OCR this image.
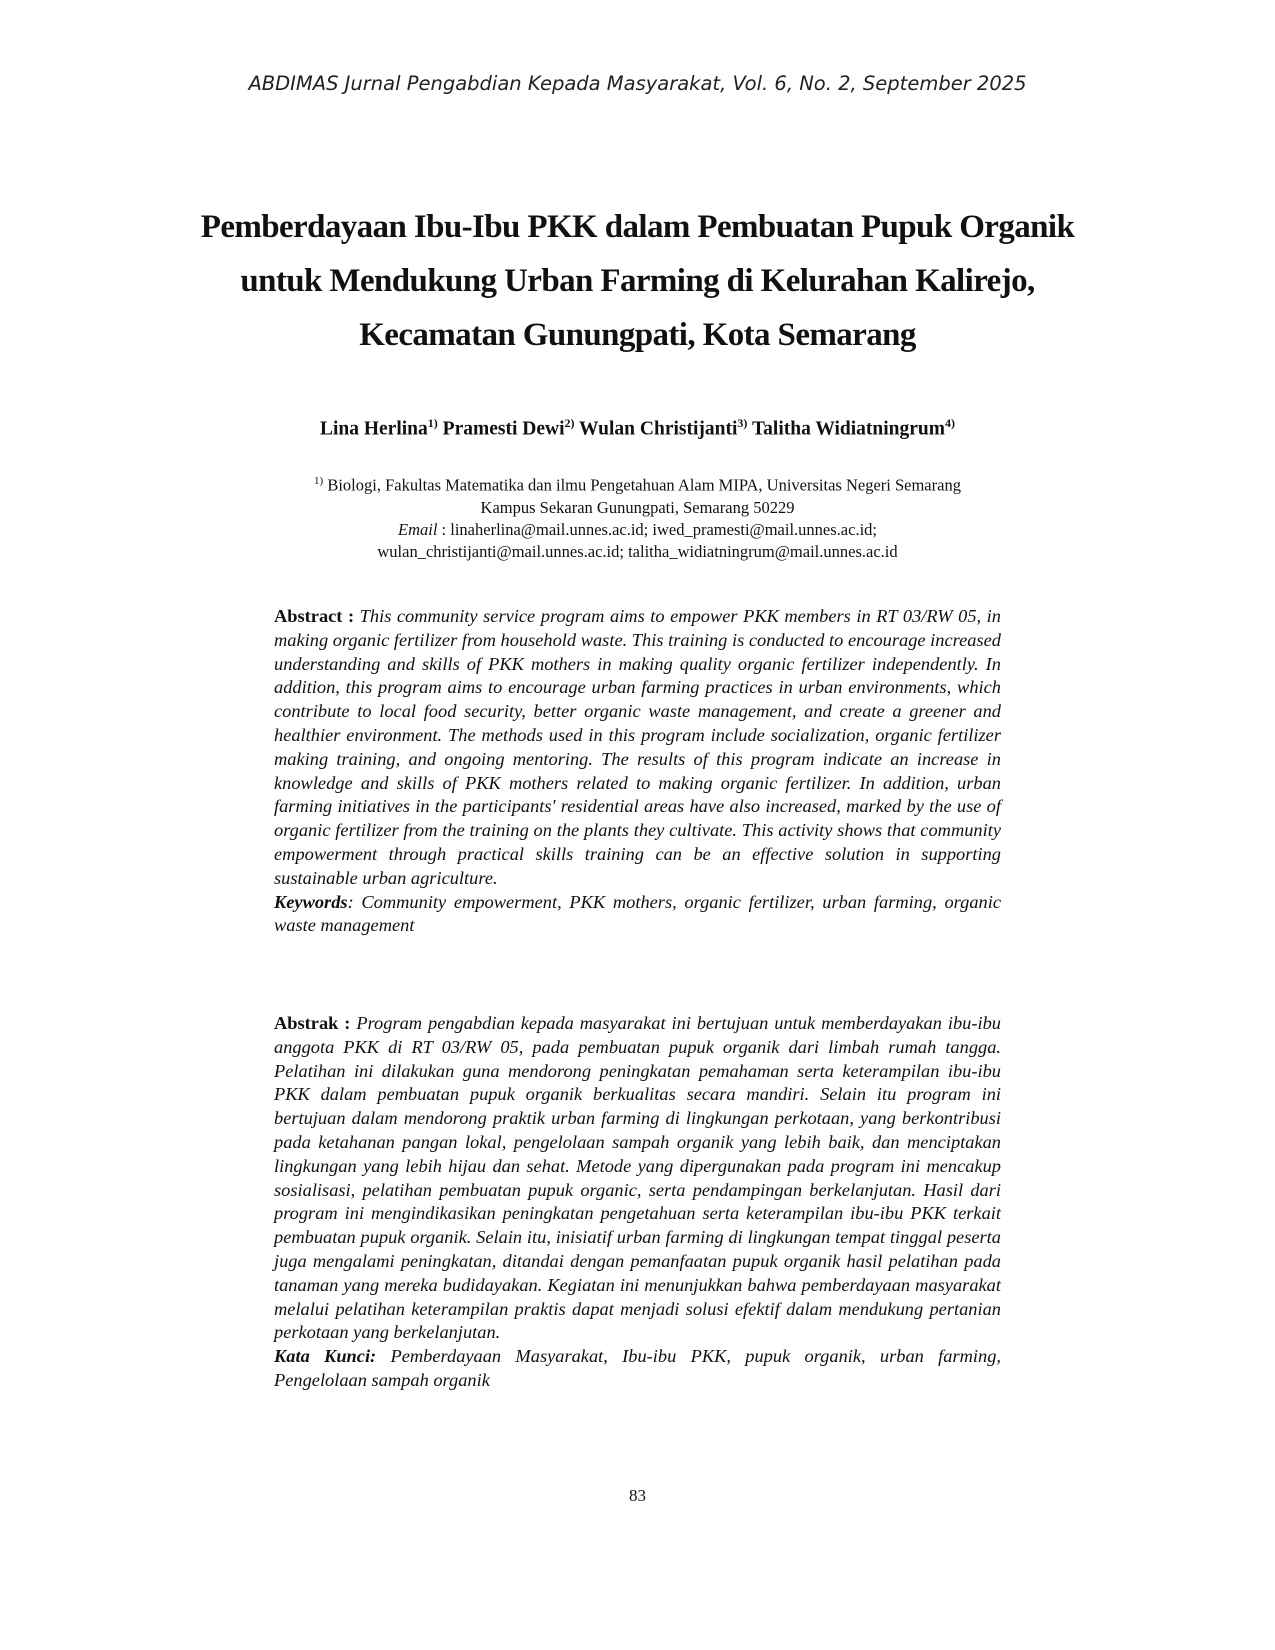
ABDIMAS Jurnal Pengabdian Kepada Masyarakat, Vol. 6, No. 2, September 2025
Pemberdayaan Ibu-Ibu PKK dalam Pembuatan Pupuk Organik
untuk Mendukung Urban Farming di Kelurahan Kalirejo,
Kecamatan Gunungpati, Kota Semarang
Lina Herlina$^{1)}$ Pramesti Dewi$^{2)}$ Wulan Christijanti$^{3)}$ Talitha Widiatningrum$^{4)}$
$^{1)}$ Biologi, Fakultas Matematika dan ilmu Pengetahuan Alam MIPA, Universitas Negeri Semarang
Kampus Sekaran Gunungpati, Semarang 50229
Email : linaherlina@mail.unnes.ac.id; iwed_pramesti@mail.unnes.ac.id;
wulan_christijanti@mail.unnes.ac.id; talitha_widiatningrum@mail.unnes.ac.id
Abstract : This community service program aims to empower PKK members in RT 03/RW 05, in making organic fertilizer from household waste. This training is conducted to encourage increased understanding and skills of PKK mothers in making quality organic fertilizer independently. In addition, this program aims to encourage urban farming practices in urban environments, which contribute to local food security, better organic waste management, and create a greener and healthier environment. The methods used in this program include socialization, organic fertilizer making training, and ongoing mentoring. The results of this program indicate an increase in knowledge and skills of PKK mothers related to making organic fertilizer. In addition, urban farming initiatives in the participants' residential areas have also increased, marked by the use of organic fertilizer from the training on the plants they cultivate. This activity shows that community empowerment through practical skills training can be an effective solution in supporting sustainable urban agriculture.
Keywords: Community empowerment, PKK mothers, organic fertilizer, urban farming, organic waste management
Abstrak : Program pengabdian kepada masyarakat ini bertujuan untuk memberdayakan ibu-ibu anggota PKK di RT 03/RW 05, pada pembuatan pupuk organik dari limbah rumah tangga. Pelatihan ini dilakukan guna mendorong peningkatan pemahaman serta keterampilan ibu-ibu PKK dalam pembuatan pupuk organik berkualitas secara mandiri. Selain itu program ini bertujuan dalam mendorong praktik urban farming di lingkungan perkotaan, yang berkontribusi pada ketahanan pangan lokal, pengelolaan sampah organik yang lebih baik, dan menciptakan lingkungan yang lebih hijau dan sehat. Metode yang dipergunakan pada program ini mencakup sosialisasi, pelatihan pembuatan pupuk organic, serta pendampingan berkelanjutan. Hasil dari program ini mengindikasikan peningkatan pengetahuan serta keterampilan ibu-ibu PKK terkait pembuatan pupuk organik. Selain itu, inisiatif urban farming di lingkungan tempat tinggal peserta juga mengalami peningkatan, ditandai dengan pemanfaatan pupuk organik hasil pelatihan pada tanaman yang mereka budidayakan. Kegiatan ini menunjukkan bahwa pemberdayaan masyarakat melalui pelatihan keterampilan praktis dapat menjadi solusi efektif dalam mendukung pertanian perkotaan yang berkelanjutan.
Kata Kunci: Pemberdayaan Masyarakat, Ibu-ibu PKK, pupuk organik, urban farming, Pengelolaan sampah organik
83
